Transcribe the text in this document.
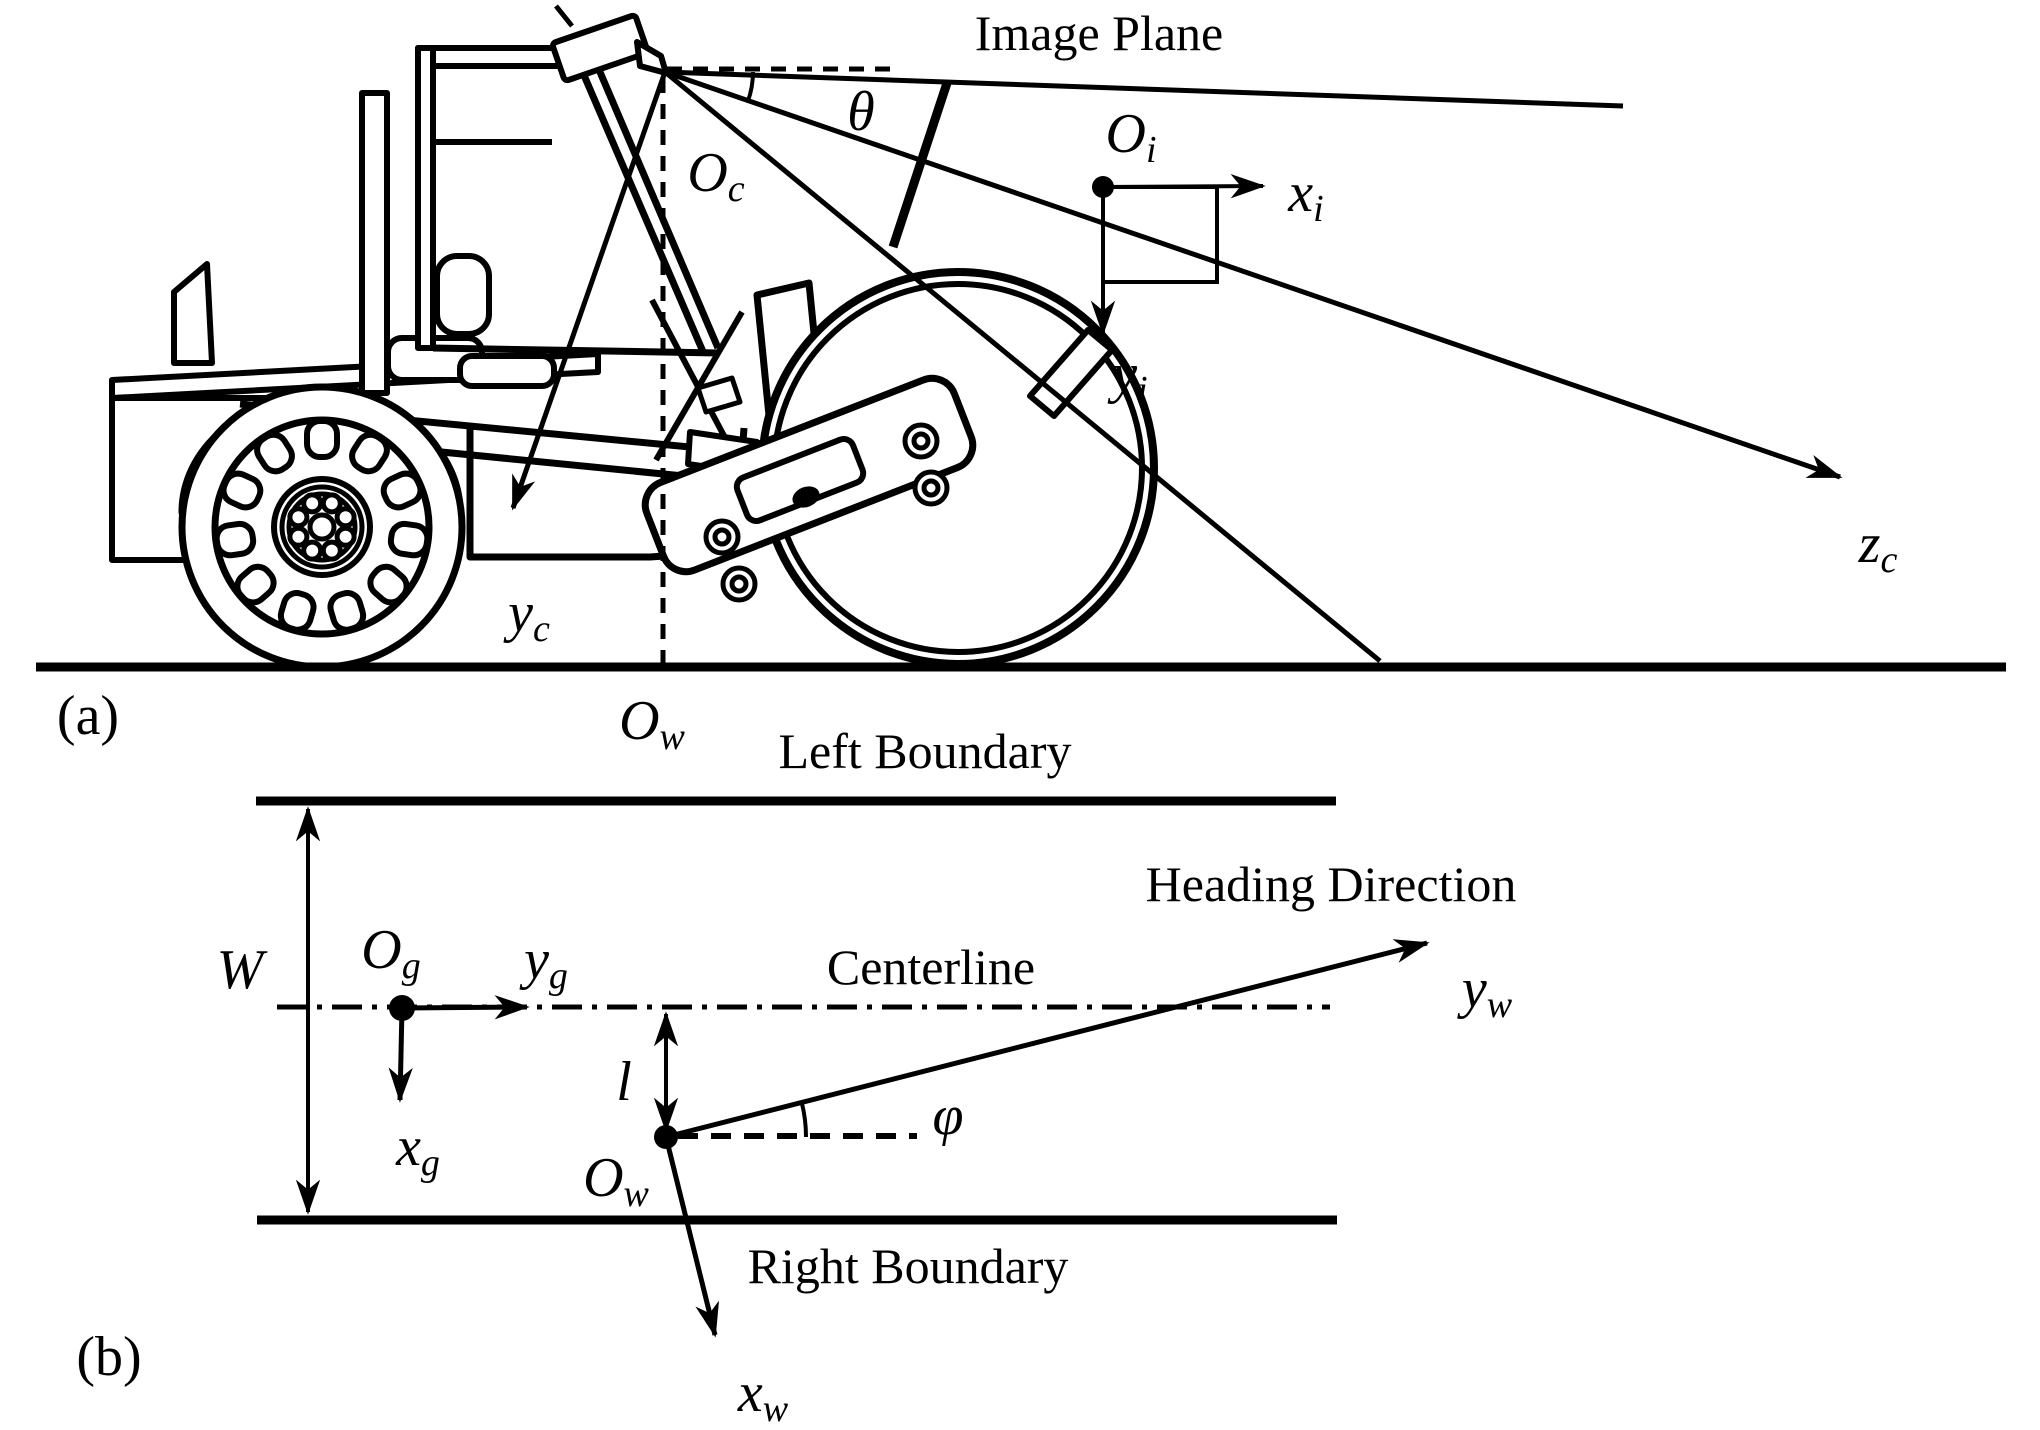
Image Plane
θ
Oc
Oi
xi
yi
zc
yc
Ow
(a)
Left Boundary
Centerline
Heading Direction
Right Boundary
W Og yg
xg
l
Ow
φ
yw
xw
(b)
